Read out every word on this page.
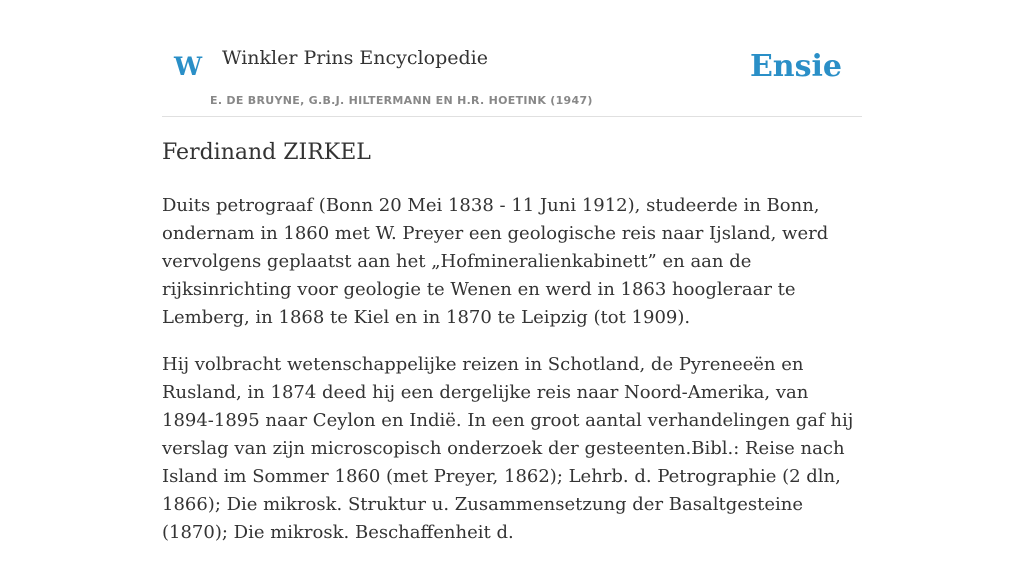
W Winkler Prins Encyclopedie
E. DE BRUYNE, G.B.J. HILTERMANN EN H.R. HOETINK (1947)
Ensie
Ferdinand ZIRKEL

Duits petrograaf (Bonn 20 Mei 1838 - 11 Juni 1912), studeerde in Bonn, ondernam in 1860 met W. Preyer een geologische reis naar Ijsland, werd vervolgens geplaatst aan het „Hofmineralienkabinett” en aan de rijksinrichting voor geologie te Wenen en werd in 1863 hoogleraar te Lemberg, in 1868 te Kiel en in 1870 te Leipzig (tot 1909).

Hij volbracht wetenschappelijke reizen in Schotland, de Pyreneeën en Rusland, in 1874 deed hij een dergelijke reis naar Noord-Amerika, van 1894-1895 naar Ceylon en Indië. In een groot aantal verhandelingen gaf hij verslag van zijn microscopisch onderzoek der gesteenten.Bibl.: Reise nach Island im Sommer 1860 (met Preyer, 1862); Lehrb. d. Petrographie (2 dln, 1866); Die mikrosk. Struktur u. Zusammensetzung der Basaltgesteine (1870); Die mikrosk. Beschaffenheit d.
